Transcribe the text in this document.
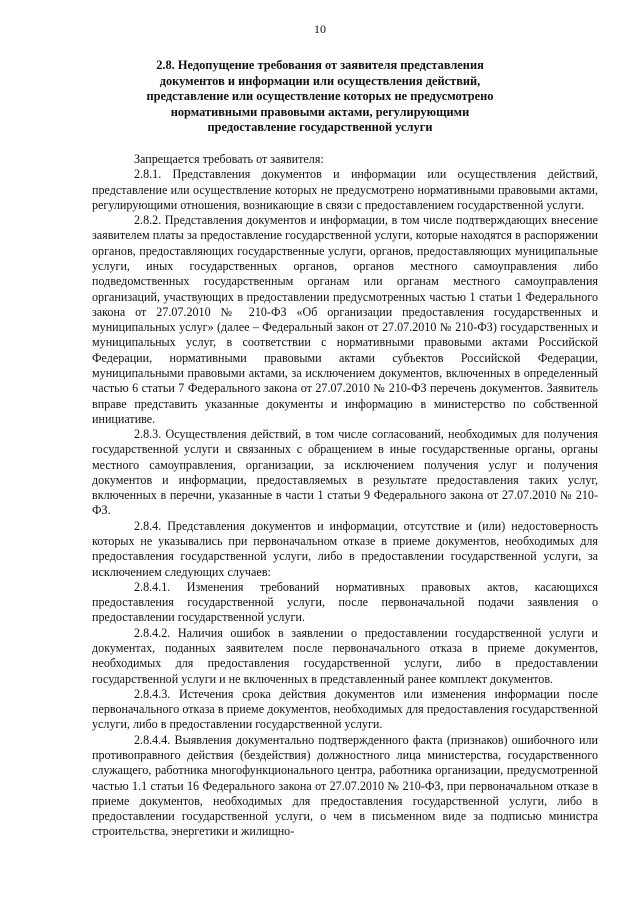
10
2.8. Недопущение требования от заявителя представления документов и информации или осуществления действий, представление или осуществление которых не предусмотрено нормативными правовыми актами, регулирующими предоставление государственной услуги

Запрещается требовать от заявителя:

2.8.1. Представления документов и информации или осуществления действий, представление или осуществление которых не предусмотрено нормативными правовыми актами, регулирующими отношения, возникающие в связи с предоставлением государственной услуги.

2.8.2. Представления документов и информации, в том числе подтверждающих внесение заявителем платы за предоставление государственной услуги, которые находятся в распоряжении органов, предоставляющих государственные услуги, органов, предоставляющих муниципальные услуги, иных государственных органов, органов местного самоуправления либо подведомственных государственным органам или органам местного самоуправления организаций, участвующих в предоставлении предусмотренных частью 1 статьи 1 Федерального закона от 27.07.2010 № 210-ФЗ «Об организации предоставления государственных и муниципальных услуг» (далее – Федеральный закон от 27.07.2010 № 210-ФЗ) государственных и муниципальных услуг, в соответствии с нормативными правовыми актами Российской Федерации, нормативными правовыми актами субъектов Российской Федерации, муниципальными правовыми актами, за исключением документов, включенных в определенный частью 6 статьи 7 Федерального закона от 27.07.2010 № 210-ФЗ перечень документов. Заявитель вправе представить указанные документы и информацию в министерство по собственной инициативе.

2.8.3. Осуществления действий, в том числе согласований, необходимых для получения государственной услуги и связанных с обращением в иные государственные органы, органы местного самоуправления, организации, за исключением получения услуг и получения документов и информации, предоставляемых в результате предоставления таких услуг, включенных в перечни, указанные в части 1 статьи 9 Федерального закона от 27.07.2010 № 210-ФЗ.

2.8.4. Представления документов и информации, отсутствие и (или) недостоверность которых не указывались при первоначальном отказе в приеме документов, необходимых для предоставления государственной услуги, либо в предоставлении государственной услуги, за исключением следующих случаев:

2.8.4.1. Изменения требований нормативных правовых актов, касающихся предоставления государственной услуги, после первоначальной подачи заявления о предоставлении государственной услуги.

2.8.4.2. Наличия ошибок в заявлении о предоставлении государственной услуги и документах, поданных заявителем после первоначального отказа в приеме документов, необходимых для предоставления государственной услуги, либо в предоставлении государственной услуги и не включенных в представленный ранее комплект документов.

2.8.4.3. Истечения срока действия документов или изменения информации после первоначального отказа в приеме документов, необходимых для предоставления государственной услуги, либо в предоставлении государственной услуги.

2.8.4.4. Выявления документально подтвержденного факта (признаков) ошибочного или противоправного действия (бездействия) должностного лица министерства, государственного служащего, работника многофункционального центра, работника организации, предусмотренной частью 1.1 статьи 16 Федерального закона от 27.07.2010 № 210-ФЗ, при первоначальном отказе в приеме документов, необходимых для предоставления государственной услуги, либо в предоставлении государственной услуги, о чем в письменном виде за подписью министра строительства, энергетики и жилищно-
